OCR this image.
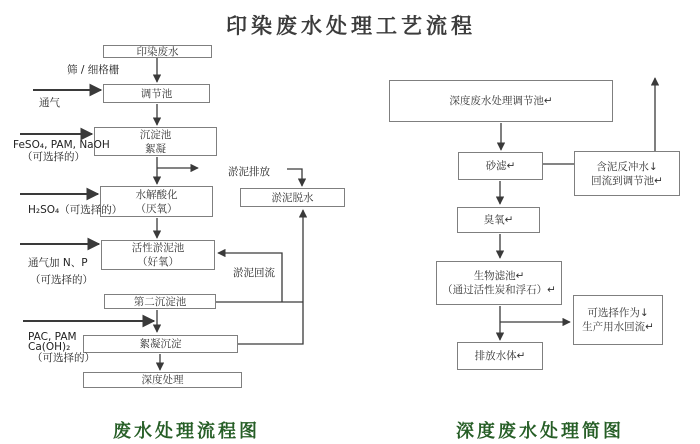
印染废水处理工艺流程
印染废水
调节池
沉淀池
絮凝
水解酸化
（厌氧）
活性淤泥池
（好氧）
第二沉淀池
絮凝沉淀
深度处理
淤泥脱水
筛 / 细格栅
通气
FeSO₄, PAM, NaOH
（可选择的）
H₂SO₄（可选择的）
通气加 N、P
（可选择的）
PAC, PAM
Ca(OH)₂
（可选择的）
淤泥排放
淤泥回流
深度废水处理调节池↵
砂滤↵	含泥反冲水↓
回流到调节池↵
臭氧↵
生物滤池↵
（通过活性炭和浮石）↵
排放水体↵
可选择作为↓
生产用水回流↵
废水处理流程图	深度废水处理简图
